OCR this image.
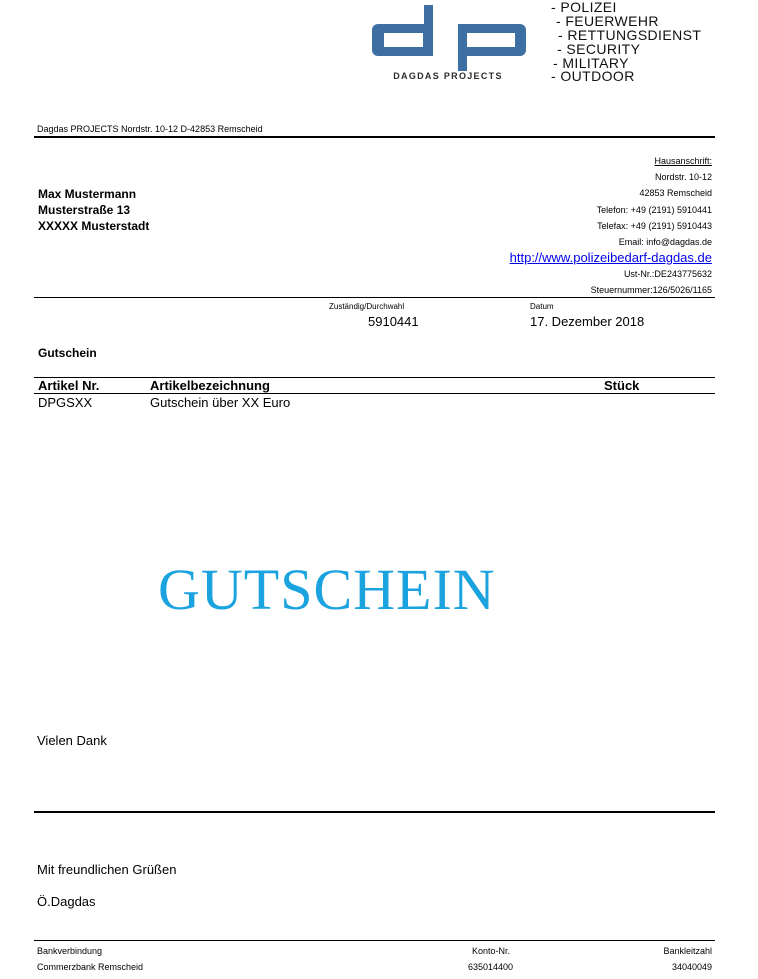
DAGDAS PROJECTS
- POLIZEI
- FEUERWEHR
- RETTUNGSDIENST
- SECURITY
- MILITARY
- OUTDOOR
Dagdas PROJECTS Nordstr. 10-12 D-42853 Remscheid
Max Mustermann
Musterstraße 13
XXXXX Musterstadt
Hausanschrift:
Nordstr. 10-12
42853 Remscheid
Telefon: +49 (2191) 5910441
Telefax: +49 (2191) 5910443
Email: info@dagdas.de
http://www.polizeibedarf-dagdas.de
Ust-Nr.:DE243775632
Steuernummer:126/5026/1165
Zuständig/Durchwahl
5910441
Datum
17. Dezember 2018
Gutschein
Artikel Nr.	Artikelbezeichnung	Stück
DPGSXX	Gutschein über XX Euro
GUTSCHEIN
Vielen Dank
Mit freundlichen Grüßen
Ö.Dagdas
Bankverbindung
Commerzbank Remscheid
Konto-Nr.
635014400
Bankleitzahl
34040049
